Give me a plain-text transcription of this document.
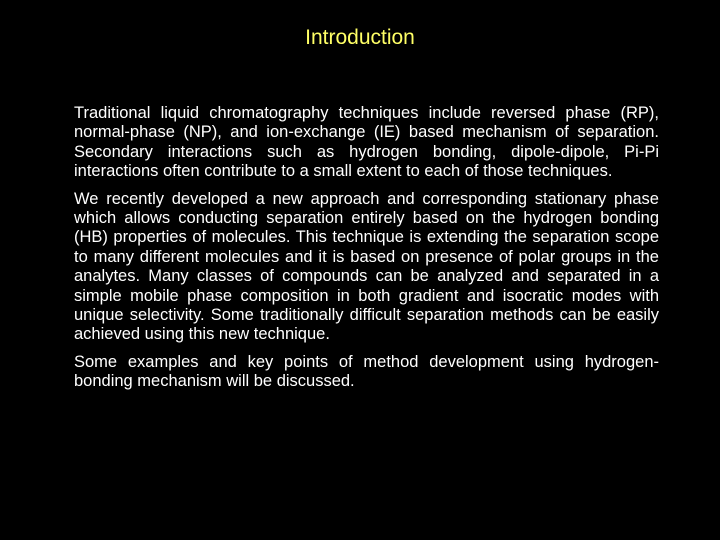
Introduction

Traditional liquid chromatography techniques include reversed phase (RP), normal-phase (NP), and ion-exchange (IE) based mechanism of separation. Secondary interactions such as hydrogen bonding, dipole-dipole, Pi-Pi interactions often contribute to a small extent to each of those techniques.

We recently developed a new approach and corresponding stationary phase which allows conducting separation entirely based on the hydrogen bonding (HB) properties of molecules. This technique is extending the separation scope to many different molecules and it is based on presence of polar groups in the analytes. Many classes of compounds can be analyzed and separated in a simple mobile phase composition in both gradient and isocratic modes with unique selectivity. Some traditionally difficult separation methods can be easily achieved using this new technique.

Some examples and key points of method development using hydrogen-bonding mechanism will be discussed.
